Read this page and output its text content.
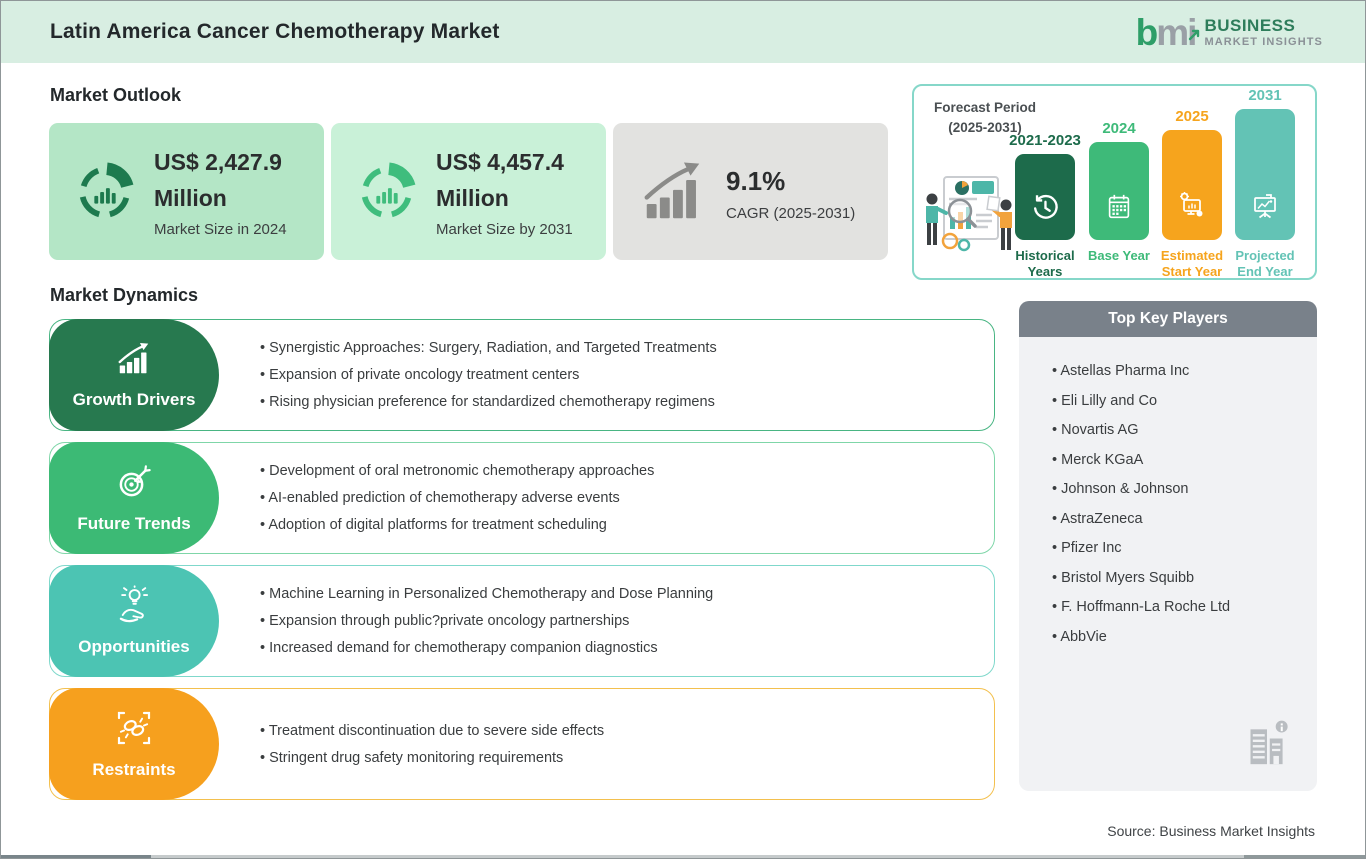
Latin America Cancer Chemotherapy Market	bmi BUSINESS
MARKET INSIGHTS
Market Outlook
US$ 2,427.9 Million
Market Size in 2024
US$ 4,457.4 Million
Market Size by 2031
9.1%
CAGR (2025-2031)
Forecast Period (2025-2031)
2021-2023
Historical Years
2024
Base Year
2025
Estimated Start Year
2031
Projected End Year
Market Dynamics
• Synergistic Approaches: Surgery, Radiation, and Targeted Treatments
• Expansion of private oncology treatment centers
• Rising physician preference for standardized chemotherapy regimens
Growth Drivers
• Development of oral metronomic chemotherapy approaches
• AI-enabled prediction of chemotherapy adverse events
• Adoption of digital platforms for treatment scheduling
Future Trends
• Machine Learning in Personalized Chemotherapy and Dose Planning
• Expansion through public?private oncology partnerships
• Increased demand for chemotherapy companion diagnostics
Opportunities
• Treatment discontinuation due to severe side effects
• Stringent drug safety monitoring requirements
Restraints
Top Key Players
• Astellas Pharma Inc
• Eli Lilly and Co
• Novartis AG
• Merck KGaA
• Johnson & Johnson
• AstraZeneca
• Pfizer Inc
• Bristol Myers Squibb
• F. Hoffmann-La Roche Ltd
• AbbVie
Source: Business Market Insights
